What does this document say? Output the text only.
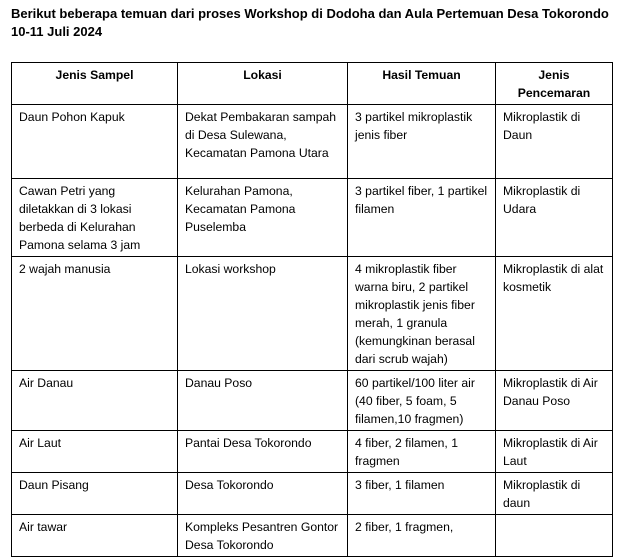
Berikut beberapa temuan dari proses Workshop di Dodoha dan Aula Pertemuan Desa Tokorondo
10-11 Juli 2024
Jenis Sampel	Lokasi	Hasil Temuan	Jenis Pencemaran
Daun Pohon Kapuk	Dekat Pembakaran sampah di Desa Sulewana, Kecamatan Pamona Utara	3 partikel mikroplastik jenis fiber	Mikroplastik di Daun
Cawan Petri yang diletakkan di 3 lokasi berbeda di Kelurahan Pamona selama 3 jam	Kelurahan Pamona, Kecamatan Pamona Puselemba	3 partikel fiber, 1 partikel filamen	Mikroplastik di Udara
2 wajah manusia	Lokasi workshop	4 mikroplastik fiber warna biru, 2 partikel mikroplastik jenis fiber merah, 1 granula (kemungkinan berasal dari scrub wajah)	Mikroplastik di alat kosmetik
Air Danau	Danau Poso	60 partikel/100 liter air (40 fiber, 5 foam, 5 filamen,10 fragmen)	Mikroplastik di Air Danau Poso
Air Laut	Pantai Desa Tokorondo	4 fiber, 2 filamen, 1 fragmen	Mikroplastik di Air Laut
Daun Pisang	Desa Tokorondo	3 fiber, 1 filamen	Mikroplastik di daun
Air tawar	Kompleks Pesantren Gontor Desa Tokorondo	2 fiber, 1 fragmen,	
